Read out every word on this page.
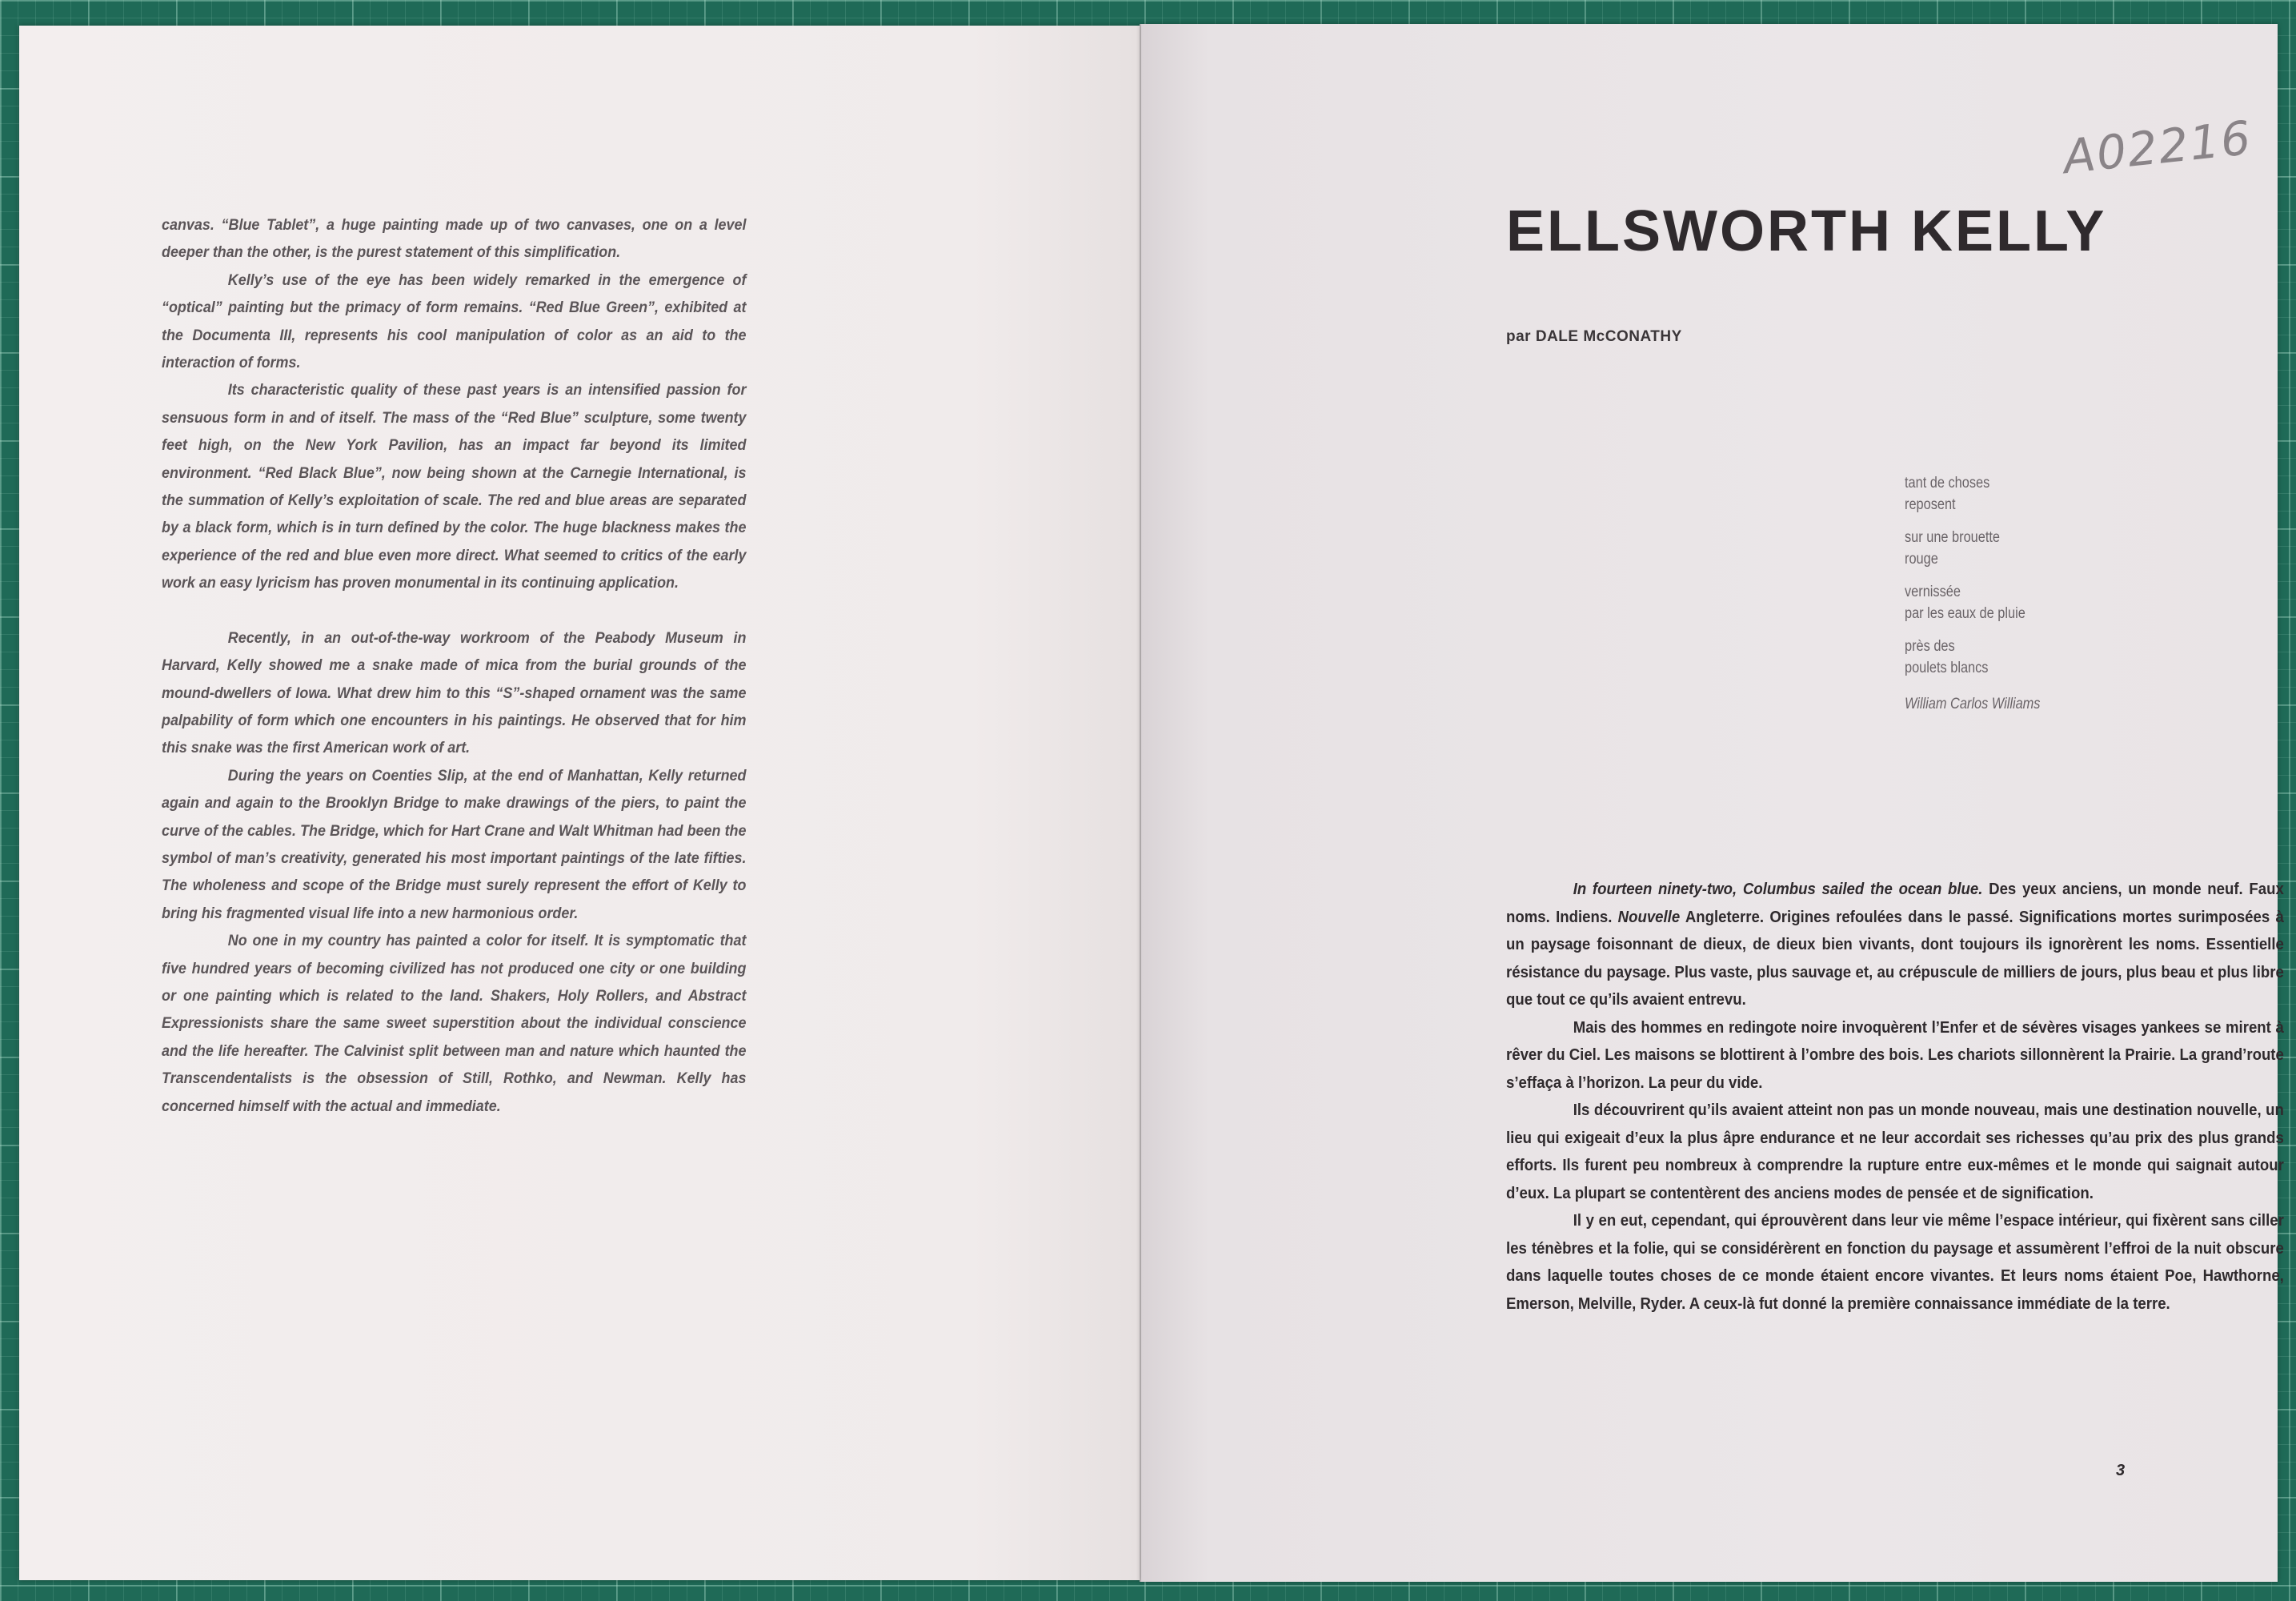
canvas. “Blue Tablet”, a huge painting made up of two canvases, one on a level deeper than the other, is the purest statement of this simplification.

Kelly’s use of the eye has been widely remarked in the emergence of “optical” painting but the primacy of form remains. “Red Blue Green”, exhibited at the Documenta III, represents his cool manipulation of color as an aid to the interaction of forms.

Its characteristic quality of these past years is an intensified passion for sensuous form in and of itself. The mass of the “Red Blue” sculpture, some twenty feet high, on the New York Pavilion, has an impact far beyond its limited environment. “Red Black Blue”, now being shown at the Carnegie International, is the summation of Kelly’s exploitation of scale. The red and blue areas are separated by a black form, which is in turn defined by the color. The huge blackness makes the experience of the red and blue even more direct. What seemed to critics of the early work an easy lyricism has proven monumental in its continuing application.

Recently, in an out-of-the-way workroom of the Peabody Museum in Harvard, Kelly showed me a snake made of mica from the burial grounds of the mound-dwellers of Iowa. What drew him to this “S”-shaped ornament was the same palpability of form which one encounters in his paintings. He observed that for him this snake was the first American work of art.

During the years on Coenties Slip, at the end of Manhattan, Kelly returned again and again to the Brooklyn Bridge to make drawings of the piers, to paint the curve of the cables. The Bridge, which for Hart Crane and Walt Whitman had been the symbol of man’s creativity, generated his most important paintings of the late fifties. The wholeness and scope of the Bridge must surely represent the effort of Kelly to bring his fragmented visual life into a new harmonious order.

No one in my country has painted a color for itself. It is symptomatic that five hundred years of becoming civilized has not produced one city or one building or one painting which is related to the land. Shakers, Holy Rollers, and Abstract Expressionists share the same sweet superstition about the individual conscience and the life hereafter. The Calvinist split between man and nature which haunted the Transcendentalists is the obsession of Still, Rothko, and Newman. Kelly has concerned himself with the actual and immediate.

A02216
ELLSWORTH KELLY
par DALE McCONATHY
tant de choses
reposent
sur une brouette
rouge
vernissée
par les eaux de pluie
près des
poulets blancs
William Carlos Williams

In fourteen ninety-two, Columbus sailed the ocean blue. Des yeux anciens, un monde neuf. Faux noms. Indiens. Nouvelle Angleterre. Origines refoulées dans le passé. Significations mortes surimposées à un paysage foisonnant de dieux, de dieux bien vivants, dont toujours ils ignorèrent les noms. Essentielle résistance du paysage. Plus vaste, plus sauvage et, au crépuscule de milliers de jours, plus beau et plus libre que tout ce qu’ils avaient entrevu.

Mais des hommes en redingote noire invoquèrent l’Enfer et de sévères visages yankees se mirent à rêver du Ciel. Les maisons se blottirent à l’ombre des bois. Les chariots sillonnèrent la Prairie. La grand’route s’effaça à l’horizon. La peur du vide.

Ils découvrirent qu’ils avaient atteint non pas un monde nouveau, mais une destination nouvelle, un lieu qui exigeait d’eux la plus âpre endurance et ne leur accordait ses richesses qu’au prix des plus grands efforts. Ils furent peu nombreux à comprendre la rupture entre eux-mêmes et le monde qui saignait autour d’eux. La plupart se contentèrent des anciens modes de pensée et de signification.

Il y en eut, cependant, qui éprouvèrent dans leur vie même l’espace intérieur, qui fixèrent sans ciller les ténèbres et la folie, qui se considérèrent en fonction du paysage et assumèrent l’effroi de la nuit obscure dans laquelle toutes choses de ce monde étaient encore vivantes. Et leurs noms étaient Poe, Hawthorne, Emerson, Melville, Ryder. A ceux-là fut donné la première connaissance immédiate de la terre.

3
